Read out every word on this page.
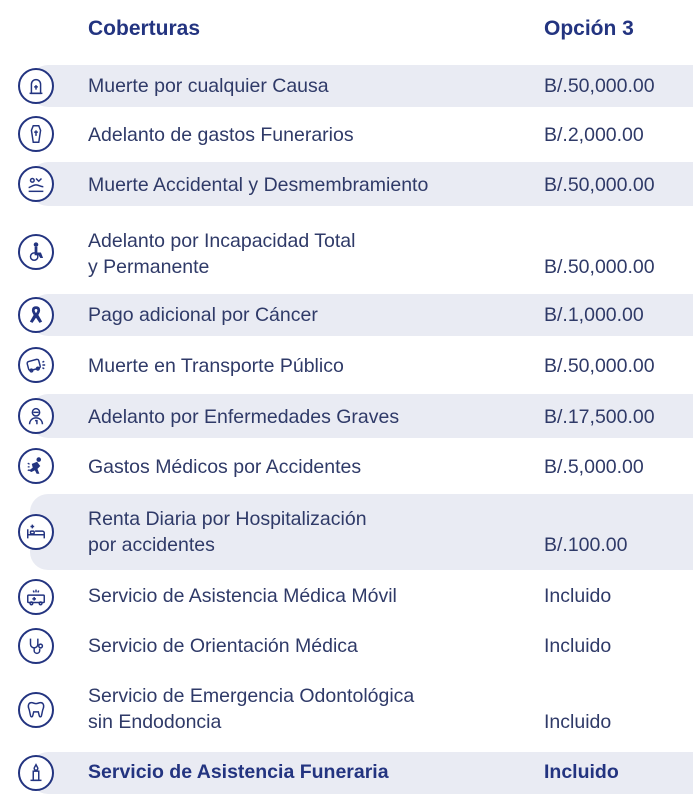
Coberturas	Opción 3
Muerte por cualquier Causa	B/.50,000.00
Adelanto de gastos Funerarios	B/.2,000.00
Muerte Accidental y Desmembramiento	B/.50,000.00
Adelanto por Incapacidad Total
y Permanente	B/.50,000.00
Pago adicional por Cáncer	B/.1,000.00
Muerte en Transporte Público	B/.50,000.00
Adelanto por Enfermedades Graves	B/.17,500.00
Gastos Médicos por Accidentes	B/.5,000.00
Renta Diaria por Hospitalización
por accidentes	B/.100.00
Servicio de Asistencia Médica Móvil	Incluido
Servicio de Orientación Médica	Incluido
Servicio de Emergencia Odontológica
sin Endodoncia	Incluido
Servicio de Asistencia Funeraria	Incluido
